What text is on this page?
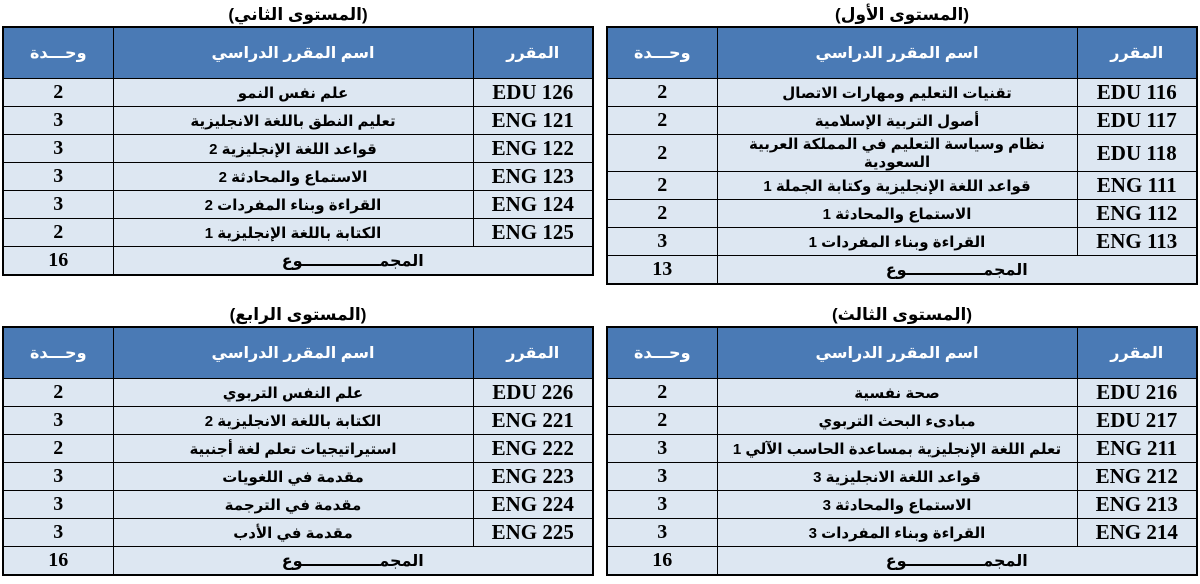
(المستوى الأول)
المقرر	اسم المقرر الدراسي	وحـــدة
EDU 116	تقنيات التعليم ومهارات الاتصال	2
EDU 117	أصول التربية الإسلامية	2
EDU 118	نظام وسياسة التعليم في المملكة العربية السعودية	2
ENG 111	قواعد اللغة الإنجليزية وكتابة الجملة 1	2
ENG 112	الاستماع والمحادثة 1	2
ENG 113	القراءة وبناء المفردات 1	3
المجمــــــــــــــوع		13
(المستوى الثاني)
المقرر	اسم المقرر الدراسي	وحـــدة
EDU 126	علم نفس النمو	2
ENG 121	تعليم النطق باللغة الانجليزية	3
ENG 122	قواعد اللغة الإنجليزية 2	3
ENG 123	الاستماع والمحادثة 2	3
ENG 124	القراءة وبناء المفردات 2	3
ENG 125	الكتابة باللغة الإنجليزية 1	2
المجمــــــــــــــوع		16
(المستوى الثالث)
المقرر	اسم المقرر الدراسي	وحـــدة
EDU 216	صحة نفسية	2
EDU 217	مبادىء البحث التربوي	2
ENG 211	تعلم اللغة الإنجليزية بمساعدة الحاسب الآلي 1	3
ENG 212	قواعد اللغة الانجليزية 3	3
ENG 213	الاستماع والمحادثة 3	3
ENG 214	القراءة وبناء المفردات 3	3
المجمــــــــــــــوع		16
(المستوى الرابع)
المقرر	اسم المقرر الدراسي	وحـــدة
EDU 226	علم النفس التربوي	2
ENG 221	الكتابة باللغة الانجليزية 2	3
ENG 222	استيراتيجيات تعلم لغة أجنبية	2
ENG 223	مقدمة في اللغويات	3
ENG 224	مقدمة في الترجمة	3
ENG 225	مقدمة في الأدب	3
المجمــــــــــــــوع		16
